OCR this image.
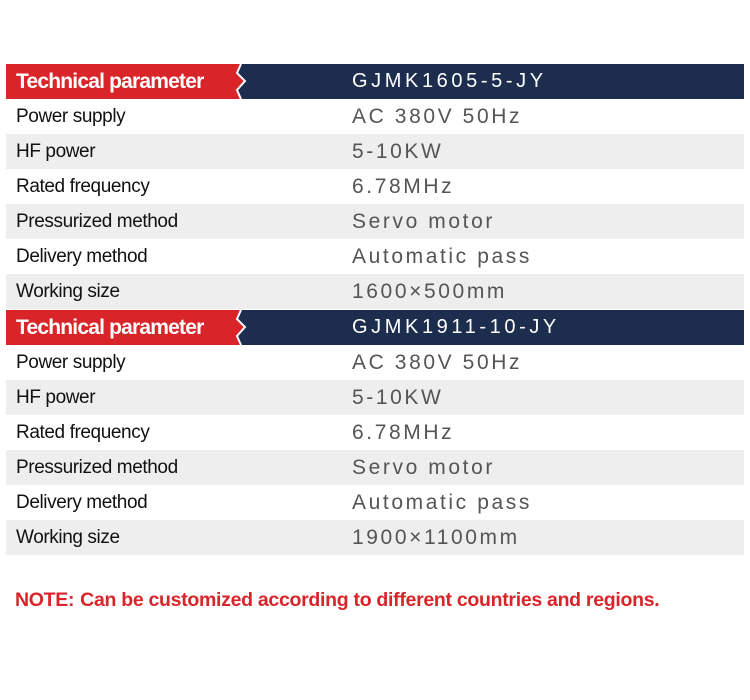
Technical parameter	GJMK1605-5-JY
Power supply	AC 380V 50Hz
HF power	5-10KW
Rated frequency	6.78MHz
Pressurized method	Servo motor
Delivery method	Automatic pass
Working size	1600×500mm
Technical parameter	GJMK1911-10-JY
Power supply	AC 380V 50Hz
HF power	5-10KW
Rated frequency	6.78MHz
Pressurized method	Servo motor
Delivery method	Automatic pass
Working size	1900×1100mm
NOTE: Can be customized according to different countries and regions.
